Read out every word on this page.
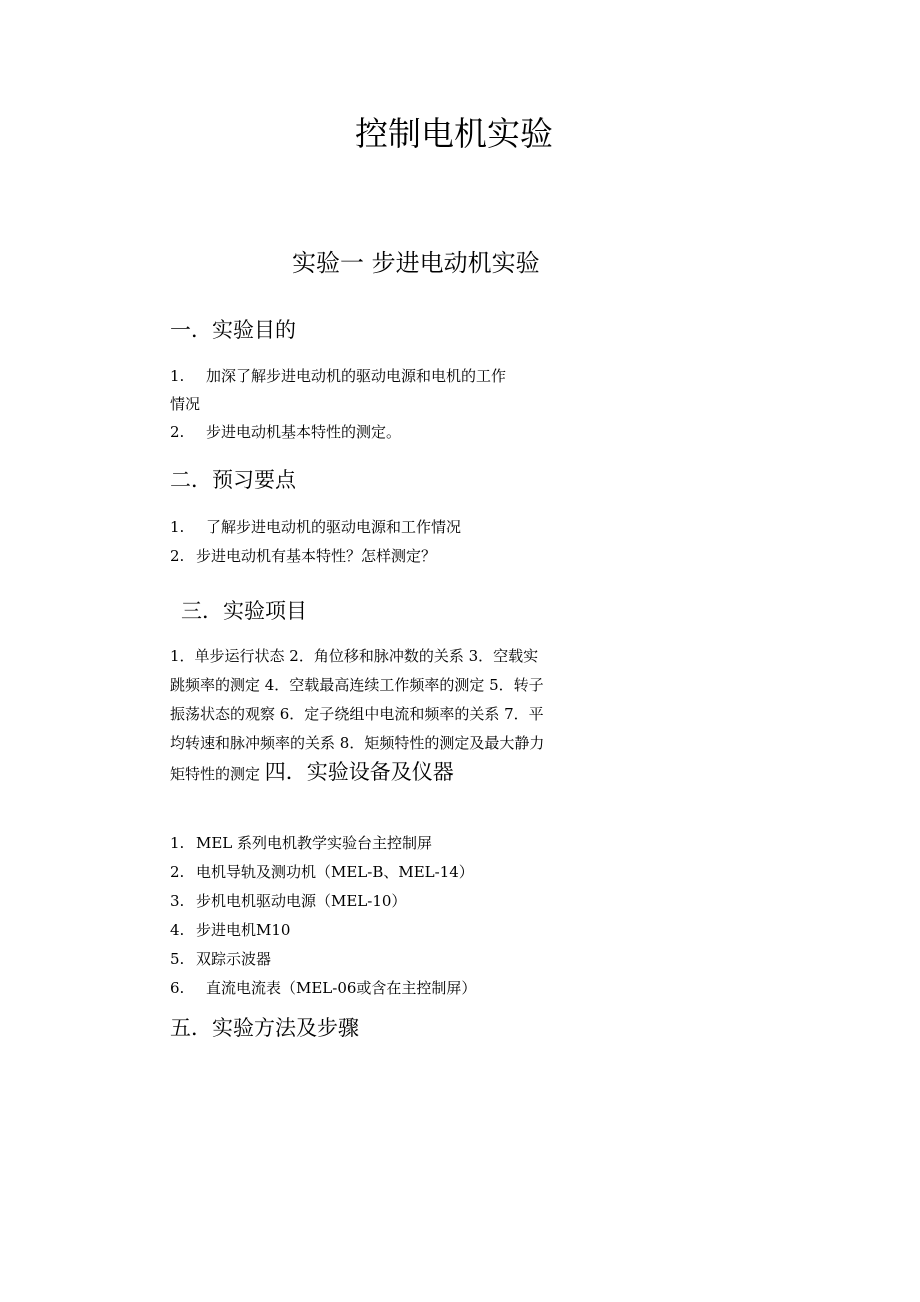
控制电机实验
实验一 步进电动机实验
一．实验目的
1. 加深了解步进电动机的驱动电源和电机的工作
情况
2. 步进电动机基本特性的测定。
二．预习要点
1. 了解步进电动机的驱动电源和工作情况
2. 步进电动机有基本特性？怎样测定？
三．实验项目

1．单步运行状态 2．角位移和脉冲数的关系 3．空载实跳频率的测定 4．空载最高连续工作频率的测定 5．转子振荡状态的观察 6．定子绕组中电流和频率的关系 7．平均转速和脉冲频率的关系 8．矩频特性的测定及最大静力矩特性的测定 四．实验设备及仪器

1. MEL 系列电机教学实验台主控制屏
2. 电机导轨及测功机（MEL-B、MEL-14）
3. 步机电机驱动电源（MEL-10）
4. 步进电机M10
5. 双踪示波器
6. 直流电流表（MEL-06或含在主控制屏）
五．实验方法及步骤
